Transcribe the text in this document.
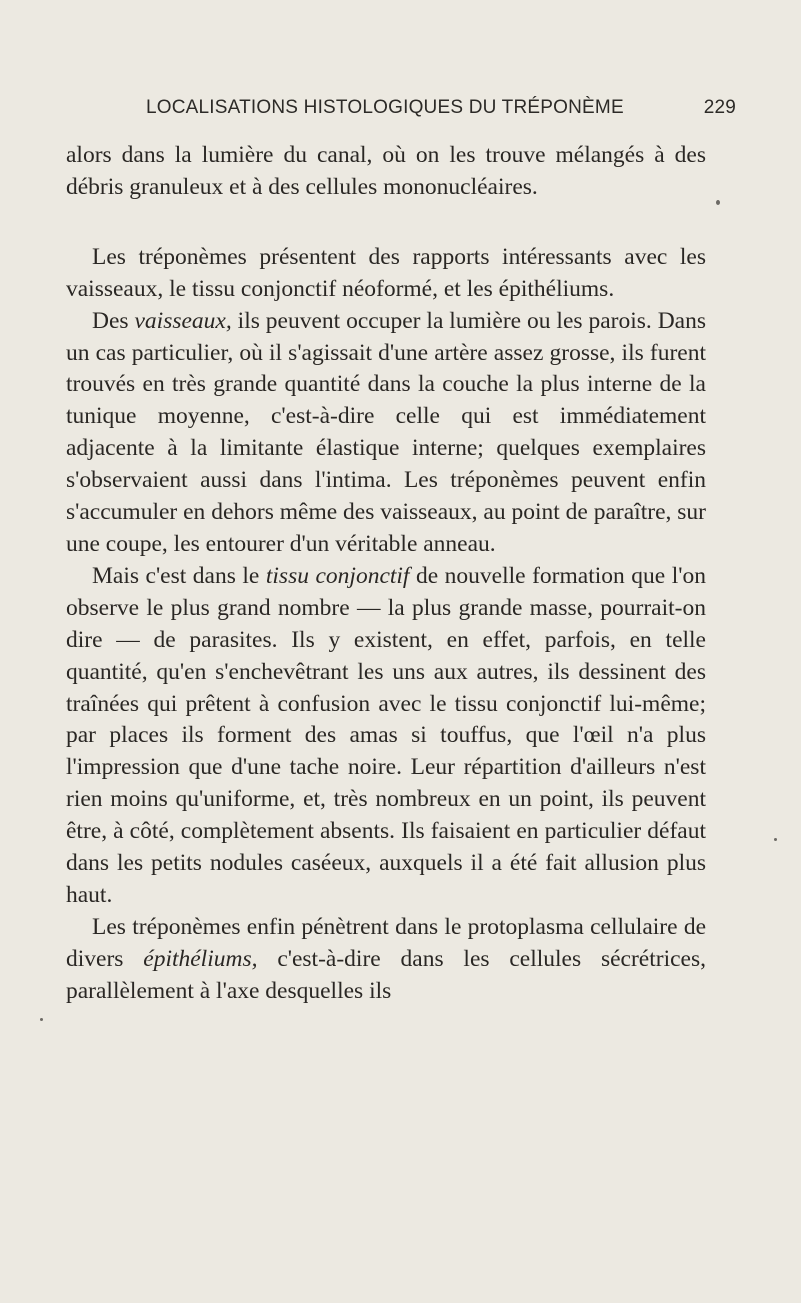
LOCALISATIONS HISTOLOGIQUES DU TRÉPONÈME	229

alors dans la lumière du canal, où on les trouve mélangés à des débris granuleux et à des cellules mononucléaires.

Les tréponèmes présentent des rapports intéressants avec les vaisseaux, le tissu conjonctif néoformé, et les épithéliums.

Des vaisseaux, ils peuvent occuper la lumière ou les parois. Dans un cas particulier, où il s'agissait d'une artère assez grosse, ils furent trouvés en très grande quantité dans la couche la plus interne de la tunique moyenne, c'est-à-dire celle qui est immédiatement adjacente à la limitante élastique interne; quelques exemplaires s'observaient aussi dans l'intima. Les tréponèmes peuvent enfin s'accumuler en dehors même des vaisseaux, au point de paraître, sur une coupe, les entourer d'un véritable anneau.

Mais c'est dans le tissu conjonctif de nouvelle formation que l'on observe le plus grand nombre — la plus grande masse, pourrait-on dire — de parasites. Ils y existent, en effet, parfois, en telle quantité, qu'en s'enchevêtrant les uns aux autres, ils dessinent des traînées qui prêtent à confusion avec le tissu conjonctif lui-même; par places ils forment des amas si touffus, que l'œil n'a plus l'impression que d'une tache noire. Leur répartition d'ailleurs n'est rien moins qu'uniforme, et, très nombreux en un point, ils peuvent être, à côté, complètement absents. Ils faisaient en particulier défaut dans les petits nodules caséeux, auxquels il a été fait allusion plus haut.

Les tréponèmes enfin pénètrent dans le protoplasma cellulaire de divers épithéliums, c'est-à-dire dans les cellules sécrétrices, parallèlement à l'axe desquelles ils
